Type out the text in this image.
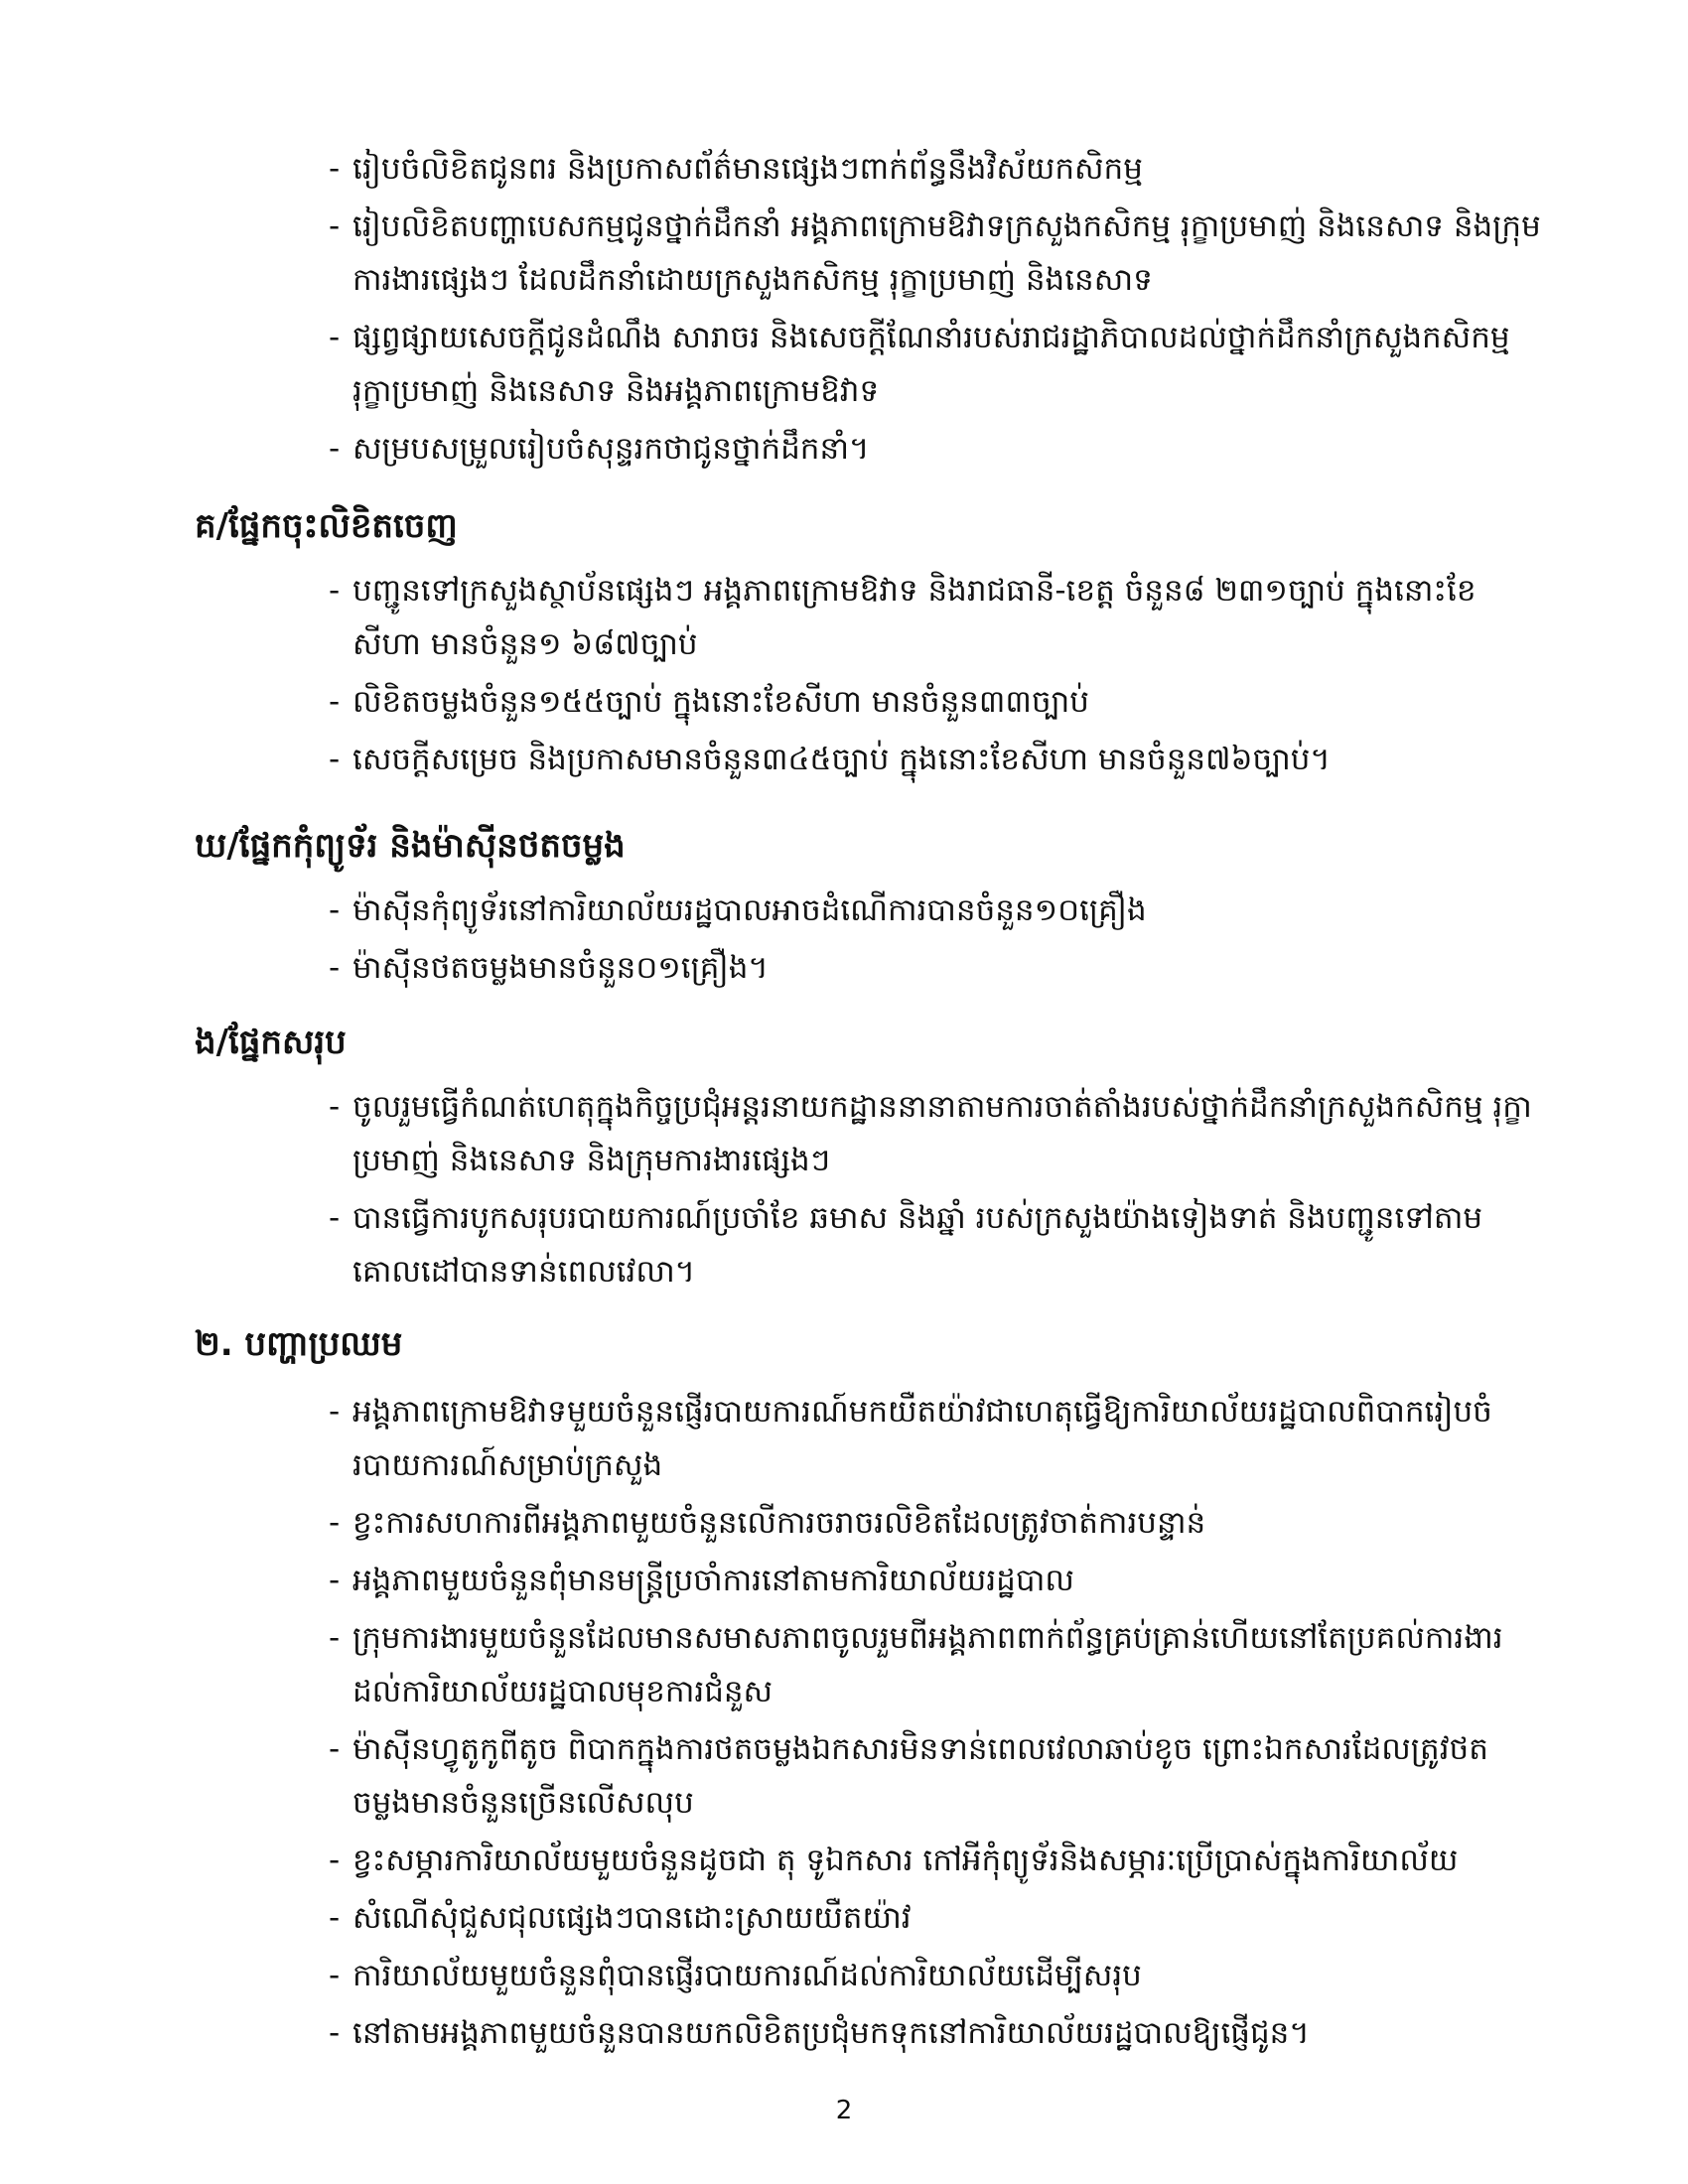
- រៀបចំលិខិតជូនពរ និងប្រកាសព័ត៌មានផ្សេងៗពាក់ព័ន្ធនឹងវិស័យកសិកម្ម
- រៀបលិខិតបញ្ហាបេសកម្មជូនថ្នាក់ដឹកនាំ អង្គភាពក្រោមឱវាទក្រសួងកសិកម្ម រុក្ខាប្រមាញ់ និងនេសាទ និងក្រុមការងារផ្សេងៗ ដែលដឹកនាំដោយក្រសួងកសិកម្ម រុក្ខាប្រមាញ់ និងនេសាទ
- ផ្សព្វផ្សាយសេចក្តីជូនដំណឹង សារាចរ និងសេចក្តីណែនាំរបស់រាជរដ្ឋាភិបាលដល់ថ្នាក់ដឹកនាំក្រសួងកសិកម្ម រុក្ខាប្រមាញ់ និងនេសាទ និងអង្គភាពក្រោមឱវាទ
- សម្របសម្រួលរៀបចំសុន្ទរកថាជូនថ្នាក់ដឹកនាំ។
គ/ផ្នែកចុះលិខិតចេញ
- បញ្ជូនទៅក្រសួងស្ថាប័នផ្សេងៗ អង្គភាពក្រោមឱវាទ និងរាជធានី-ខេត្ត ចំនួន៨ ២៣១ច្បាប់ ក្នុងនោះខែសីហា មានចំនួន១ ៦៨៧ច្បាប់
- លិខិតចម្លងចំនួន១៥៥ច្បាប់ ក្នុងនោះខែសីហា មានចំនួន៣៣ច្បាប់
- សេចក្តីសម្រេច និងប្រកាសមានចំនួន៣៤៥ច្បាប់ ក្នុងនោះខែសីហា មានចំនួន៧៦ច្បាប់។
ឃ/ផ្នែកកុំព្យូទ័រ និងម៉ាស៊ីនថតចម្លង
- ម៉ាស៊ីនកុំព្យូទ័រនៅការិយាល័យរដ្ឋបាលអាចដំណើការបានចំនួន១០គ្រឿង
- ម៉ាស៊ីនថតចម្លងមានចំនួន០១គ្រឿង។
ង/ផ្នែកសរុប
- ចូលរួមធ្វើកំណត់ហេតុក្នុងកិច្ចប្រជុំអន្តរនាយកដ្ឋាននានាតាមការចាត់តាំងរបស់ថ្នាក់ដឹកនាំក្រសួងកសិកម្ម រុក្ខាប្រមាញ់ និងនេសាទ និងក្រុមការងារផ្សេងៗ
- បានធ្វើការបូកសរុបរបាយការណ៍ប្រចាំខែ ឆមាស និងឆ្នាំ របស់ក្រសួងយ៉ាងទៀងទាត់ និងបញ្ជូនទៅតាមគោលដៅបានទាន់ពេលវេលា។
២. បញ្ហាប្រឈម
- អង្គភាពក្រោមឱវាទមួយចំនួនផ្ញើរបាយការណ៍មកយឺតយ៉ាវជាហេតុធ្វើឱ្យការិយាល័យរដ្ឋបាលពិបាករៀបចំរបាយការណ៍សម្រាប់ក្រសួង
- ខ្វះការសហការពីអង្គភាពមួយចំនួនលើការចរាចរលិខិតដែលត្រូវចាត់ការបន្ទាន់
- អង្គភាពមួយចំនួនពុំមានមន្ត្រីប្រចាំការនៅតាមការិយាល័យរដ្ឋបាល
- ក្រុមការងារមួយចំនួនដែលមានសមាសភាពចូលរួមពីអង្គភាពពាក់ព័ន្ធគ្រប់គ្រាន់ហើយនៅតែប្រគល់ការងារដល់ការិយាល័យរដ្ឋបាលមុខការជំនួស
- ម៉ាស៊ីនហ្វូតូកូពីតូច ពិបាកក្នុងការថតចម្លងឯកសារមិនទាន់ពេលវេលាឆាប់ខូច ព្រោះឯកសារដែលត្រូវថតចម្លងមានចំនួនច្រើនលើសលុប
- ខ្វះសម្ភារការិយាល័យមួយចំនួនដូចជា តុ ទូឯកសារ កៅអីកុំព្យូទ័រនិងសម្ភារៈប្រើប្រាស់ក្នុងការិយាល័យ
- សំណើសុំជួសជុលផ្សេងៗបានដោះស្រាយយឺតយ៉ាវ
- ការិយាល័យមួយចំនួនពុំបានផ្ញើរបាយការណ៍ដល់ការិយាល័យដើម្បីសរុប
- នៅតាមអង្គភាពមួយចំនួនបានយកលិខិតប្រជុំមកទុកនៅការិយាល័យរដ្ឋបាលឱ្យផ្ញើជូន។
2
